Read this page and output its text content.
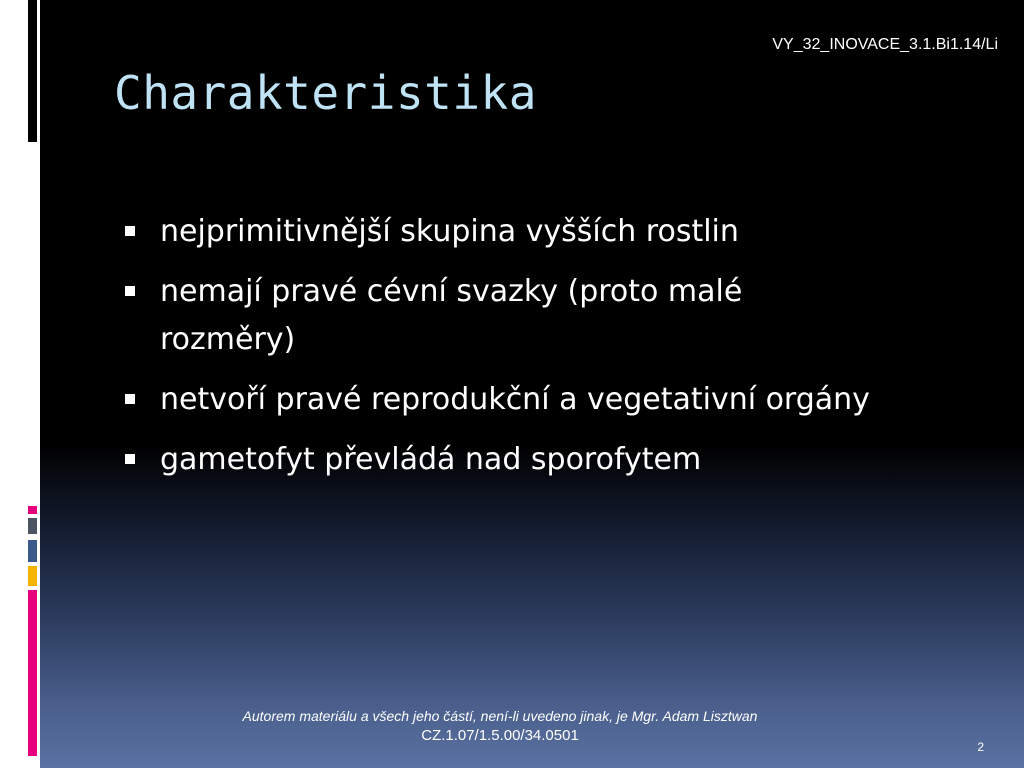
VY_32_INOVACE_3.1.Bi1.14/Li
Charakteristika
nejprimitivnější skupina vyšších rostlin
nemají pravé cévní svazky (proto malé rozměry)
netvoří pravé reprodukční a vegetativní orgány
gametofyt převládá nad sporofytem
Autorem materiálu a všech jeho částí, není-li uvedeno jinak, je Mgr. Adam Lisztwan
CZ.1.07/1.5.00/34.0501
2
